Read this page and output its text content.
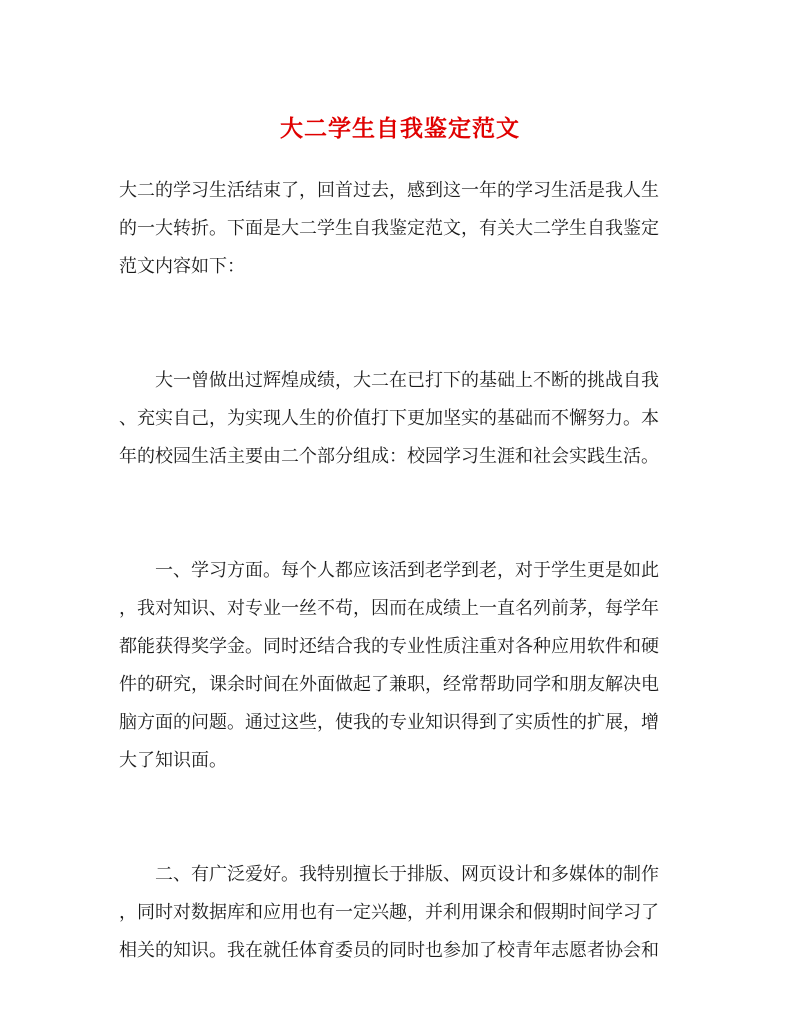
大二学生自我鉴定范文
大二的学习生活结束了，回首过去，感到这一年的学习生活是我人生
的一大转折。下面是大二学生自我鉴定范文，有关大二学生自我鉴定
范文内容如下：
　　大一曾做出过辉煌成绩，大二在已打下的基础上不断的挑战自我
、充实自己，为实现人生的价值打下更加坚实的基础而不懈努力。本
年的校园生活主要由二个部分组成：校园学习生涯和社会实践生活。
　　一、学习方面。每个人都应该活到老学到老，对于学生更是如此
，我对知识、对专业一丝不苟，因而在成绩上一直名列前茅，每学年
都能获得奖学金。同时还结合我的专业性质注重对各种应用软件和硬
件的研究，课余时间在外面做起了兼职，经常帮助同学和朋友解决电
脑方面的问题。通过这些，使我的专业知识得到了实质性的扩展，增
大了知识面。
　　二、有广泛爱好。我特别擅长于排版、网页设计和多媒体的制作
，同时对数据库和应用也有一定兴趣，并利用课余和假期时间学习了
相关的知识。我在就任体育委员的同时也参加了校青年志愿者协会和
